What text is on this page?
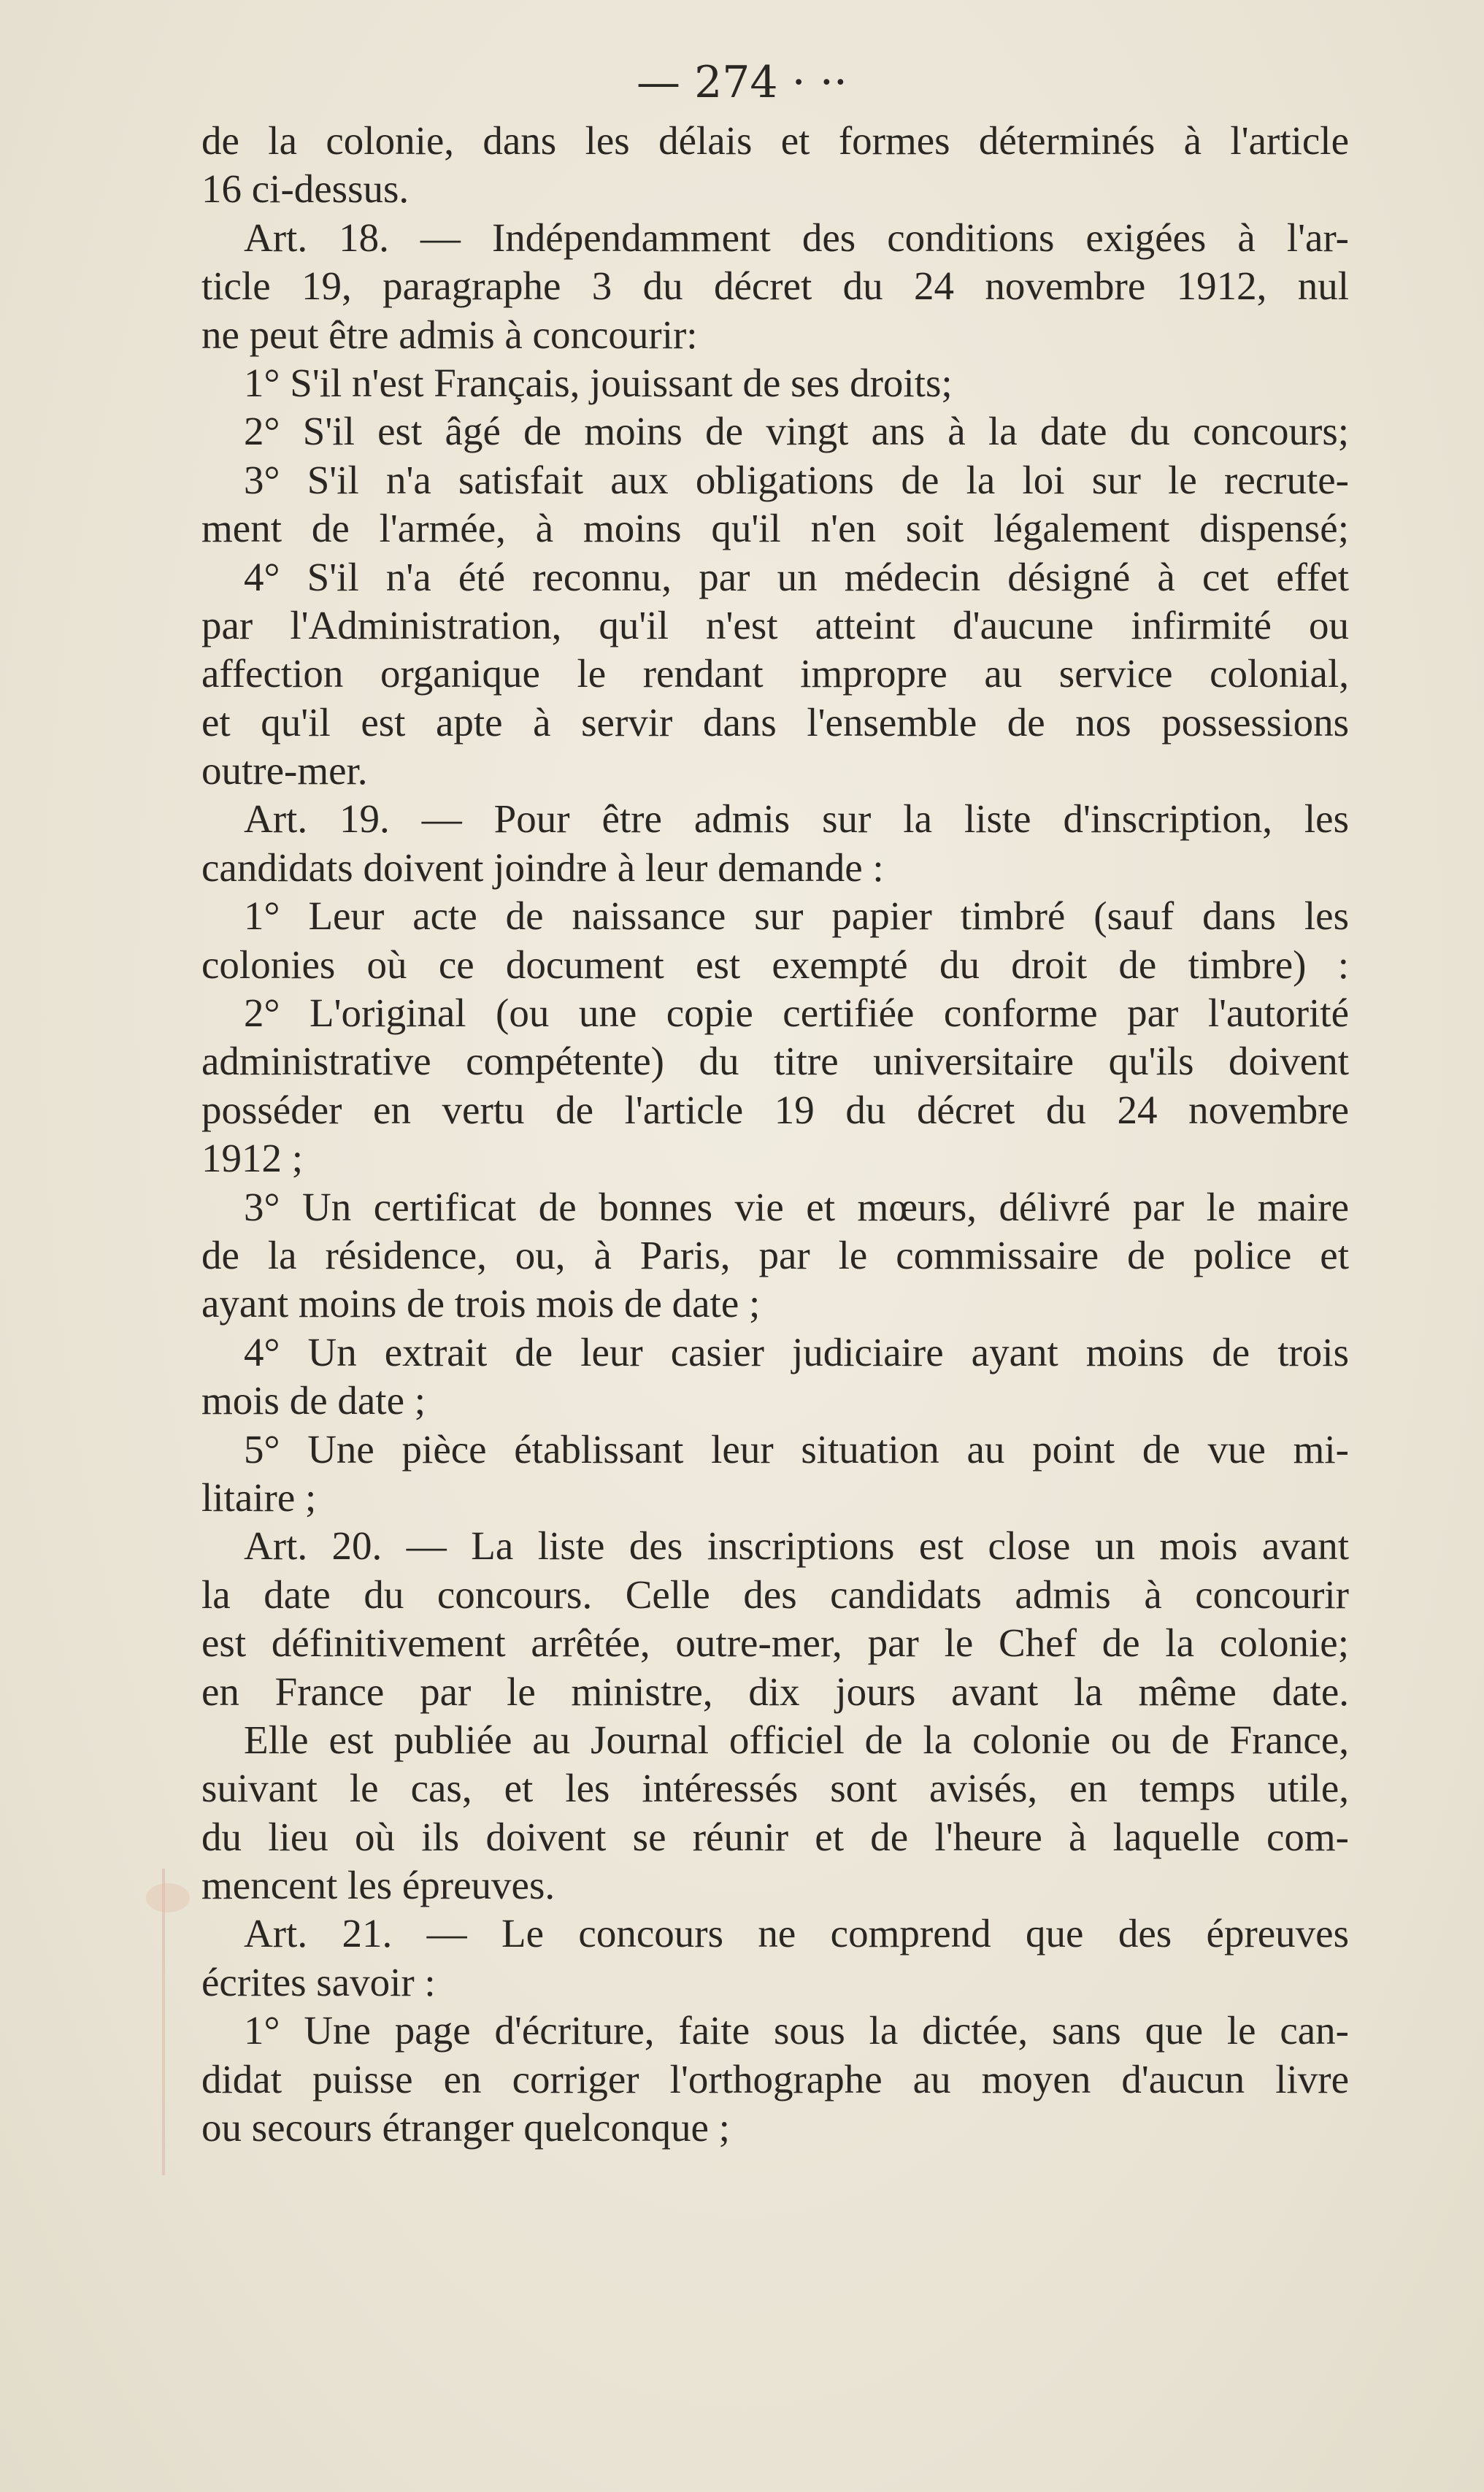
— 274 · ··
de la colonie, dans les délais et formes déterminés à l'article
16 ci-dessus.
Art. 18. — Indépendamment des conditions exigées à l'ar-
ticle 19, paragraphe 3 du décret du 24 novembre 1912, nul
ne peut être admis à concourir:
1° S'il n'est Français, jouissant de ses droits;
2° S'il est âgé de moins de vingt ans à la date du concours;
3° S'il n'a satisfait aux obligations de la loi sur le recrute-
ment de l'armée, à moins qu'il n'en soit légalement dispensé;
4° S'il n'a été reconnu, par un médecin désigné à cet effet
par l'Administration, qu'il n'est atteint d'aucune infirmité ou
affection organique le rendant impropre au service colonial,
et qu'il est apte à servir dans l'ensemble de nos possessions
outre-mer.
Art. 19. — Pour être admis sur la liste d'inscription, les
candidats doivent joindre à leur demande :
1° Leur acte de naissance sur papier timbré (sauf dans les
colonies où ce document est exempté du droit de timbre) :
2° L'original (ou une copie certifiée conforme par l'autorité
administrative compétente) du titre universitaire qu'ils doivent
posséder en vertu de l'article 19 du décret du 24 novembre
1912 ;
3° Un certificat de bonnes vie et mœurs, délivré par le maire
de la résidence, ou, à Paris, par le commissaire de police et
ayant moins de trois mois de date ;
4° Un extrait de leur casier judiciaire ayant moins de trois
mois de date ;
5° Une pièce établissant leur situation au point de vue mi-
litaire ;
Art. 20. — La liste des inscriptions est close un mois avant
la date du concours. Celle des candidats admis à concourir
est définitivement arrêtée, outre-mer, par le Chef de la colonie;
en France par le ministre, dix jours avant la même date.
Elle est publiée au Journal officiel de la colonie ou de France,
suivant le cas, et les intéressés sont avisés, en temps utile,
du lieu où ils doivent se réunir et de l'heure à laquelle com-
mencent les épreuves.
Art. 21. — Le concours ne comprend que des épreuves
écrites savoir :
1° Une page d'écriture, faite sous la dictée, sans que le can-
didat puisse en corriger l'orthographe au moyen d'aucun livre
ou secours étranger quelconque ;
